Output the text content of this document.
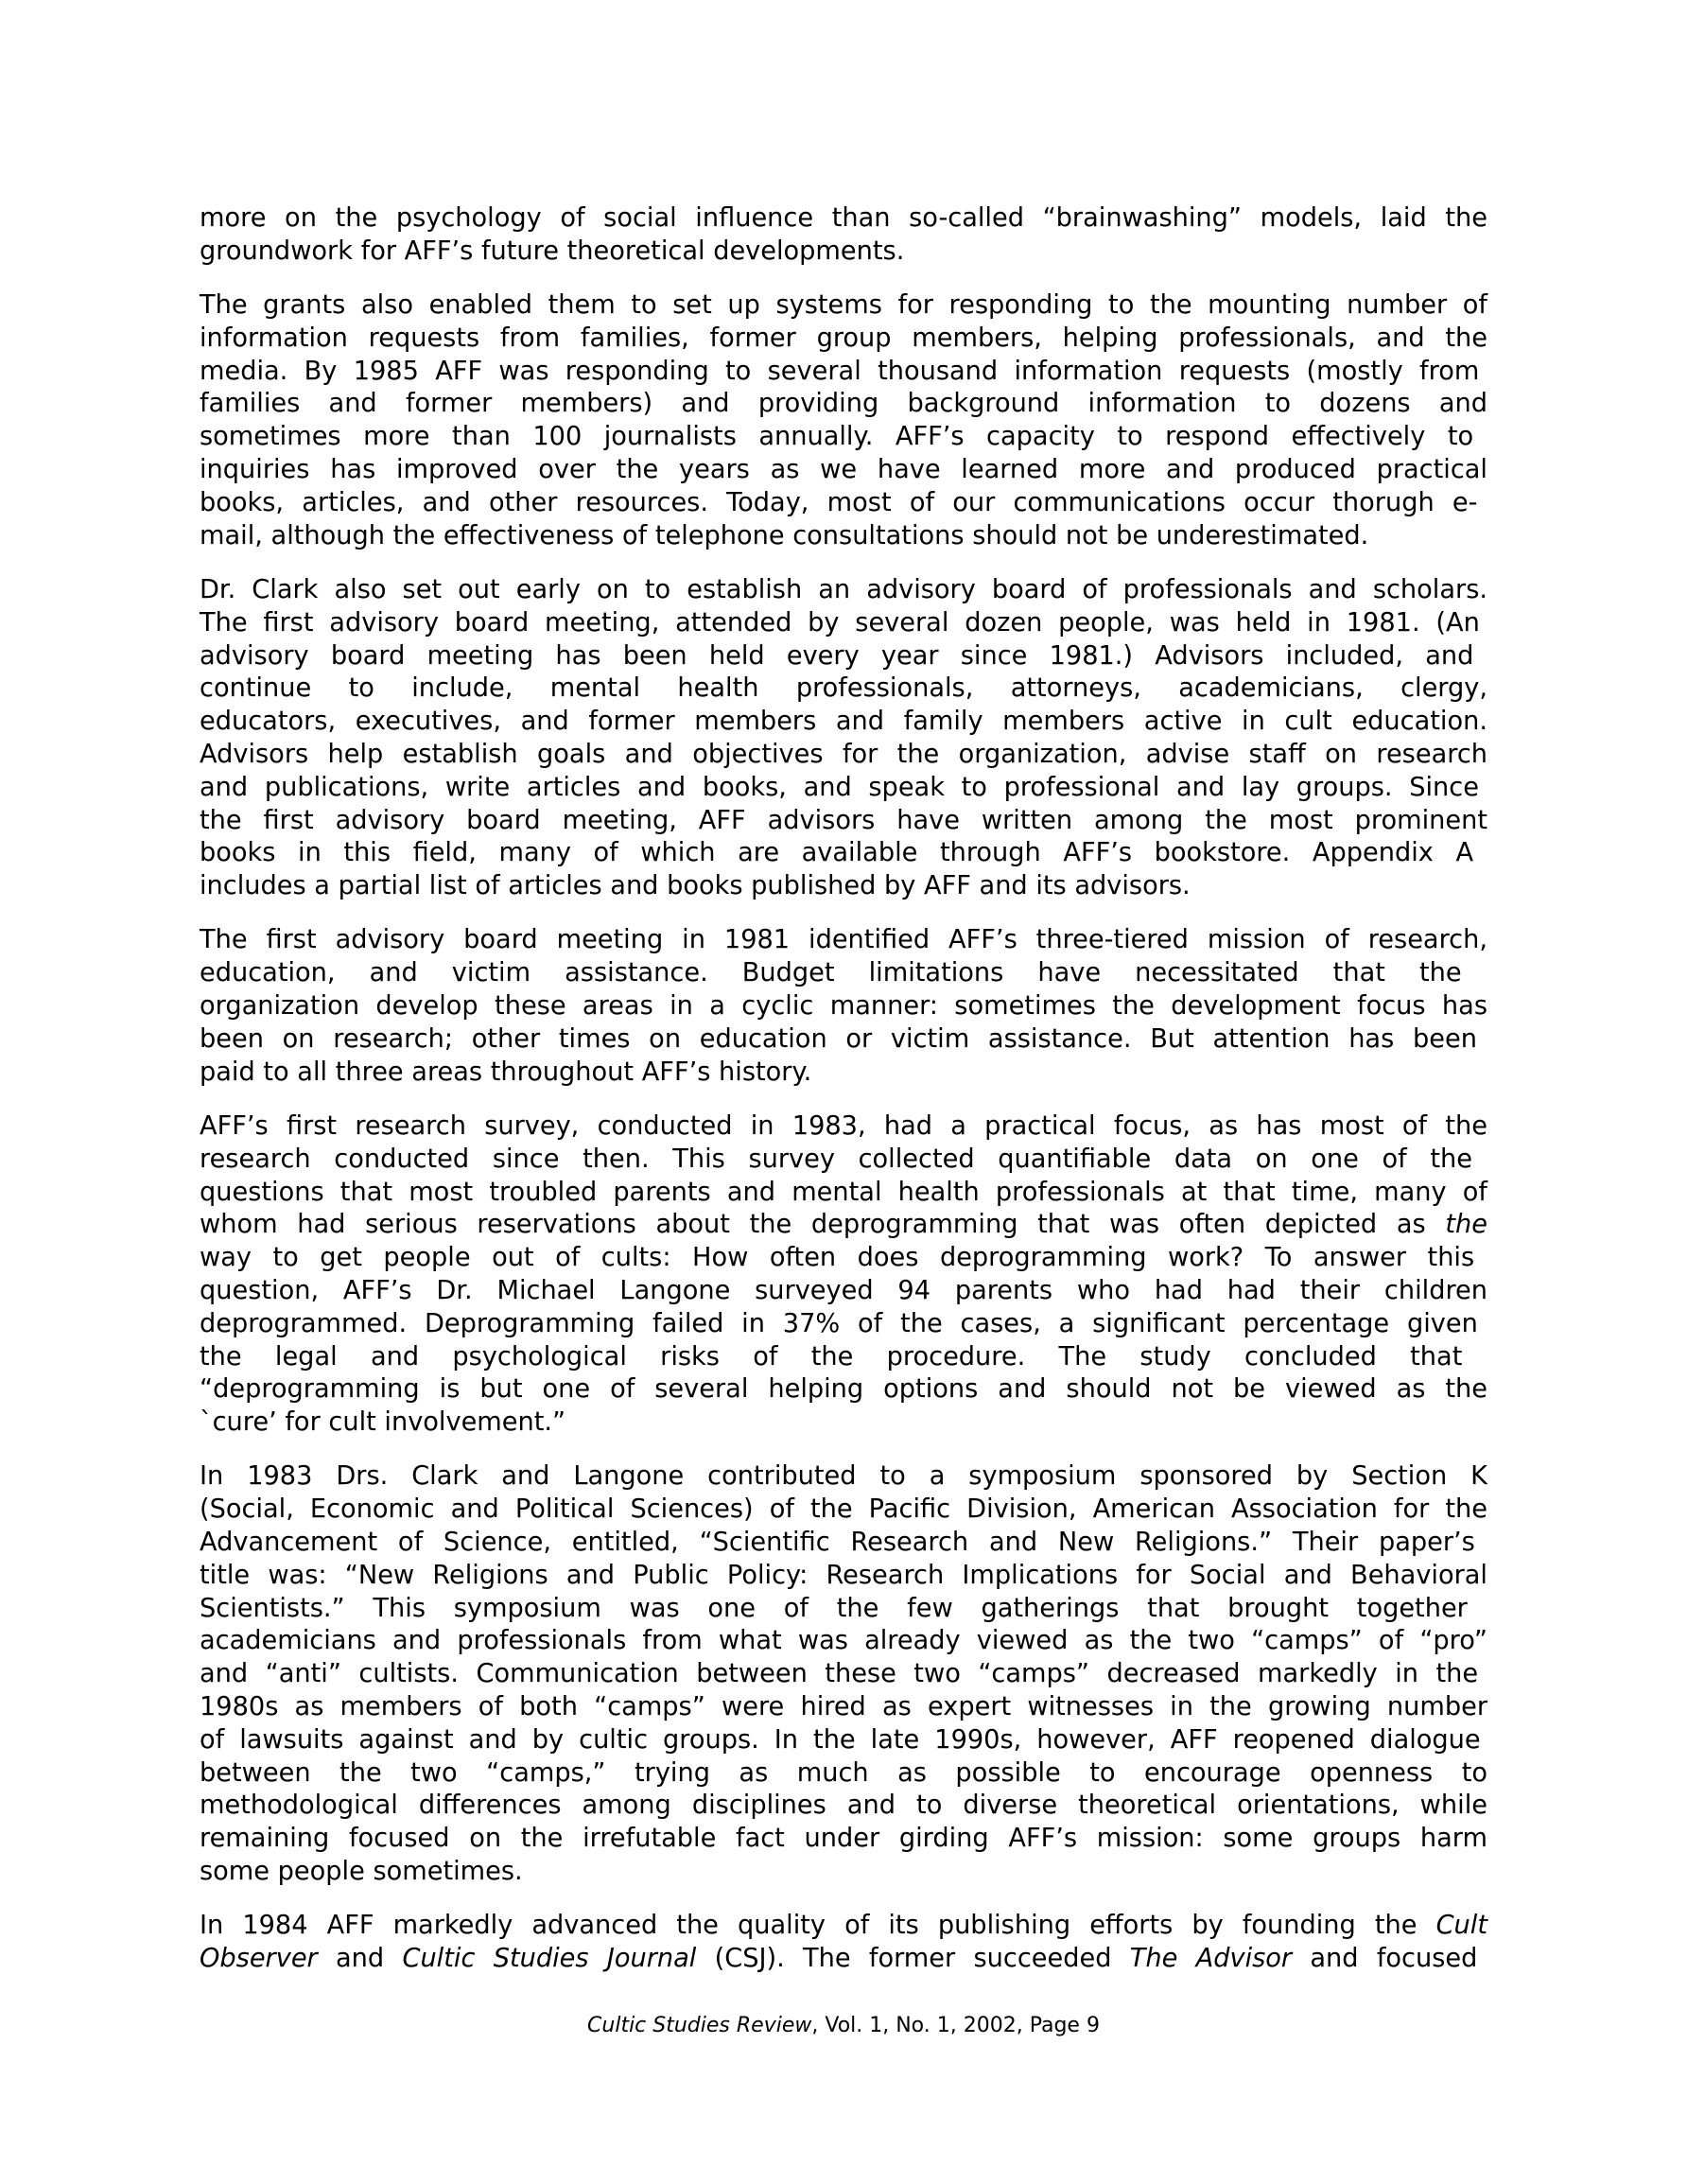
more on the psychology of social influence than so-called “brainwashing” models, laid the
groundwork for AFF’s future theoretical developments.
The grants also enabled them to set up systems for responding to the mounting number of
information requests from families, former group members, helping professionals, and the
media. By 1985 AFF was responding to several thousand information requests (mostly from
families and former members) and providing background information to dozens and
sometimes more than 100 journalists annually. AFF’s capacity to respond effectively to
inquiries has improved over the years as we have learned more and produced practical
books, articles, and other resources. Today, most of our communications occur thorugh e-
mail, although the effectiveness of telephone consultations should not be underestimated.
Dr. Clark also set out early on to establish an advisory board of professionals and scholars.
The first advisory board meeting, attended by several dozen people, was held in 1981. (An
advisory board meeting has been held every year since 1981.) Advisors included, and
continue to include, mental health professionals, attorneys, academicians, clergy,
educators, executives, and former members and family members active in cult education.
Advisors help establish goals and objectives for the organization, advise staff on research
and publications, write articles and books, and speak to professional and lay groups. Since
the first advisory board meeting, AFF advisors have written among the most prominent
books in this field, many of which are available through AFF’s bookstore. Appendix A
includes a partial list of articles and books published by AFF and its advisors.
The first advisory board meeting in 1981 identified AFF’s three-tiered mission of research,
education, and victim assistance. Budget limitations have necessitated that the
organization develop these areas in a cyclic manner: sometimes the development focus has
been on research; other times on education or victim assistance. But attention has been
paid to all three areas throughout AFF’s history.
AFF’s first research survey, conducted in 1983, had a practical focus, as has most of the
research conducted since then. This survey collected quantifiable data on one of the
questions that most troubled parents and mental health professionals at that time, many of
whom had serious reservations about the deprogramming that was often depicted as the
way to get people out of cults: How often does deprogramming work? To answer this
question, AFF’s Dr. Michael Langone surveyed 94 parents who had had their children
deprogrammed. Deprogramming failed in 37% of the cases, a significant percentage given
the legal and psychological risks of the procedure. The study concluded that
“deprogramming is but one of several helping options and should not be viewed as the
`cure’ for cult involvement.”
In 1983 Drs. Clark and Langone contributed to a symposium sponsored by Section K
(Social, Economic and Political Sciences) of the Pacific Division, American Association for the
Advancement of Science, entitled, “Scientific Research and New Religions.” Their paper’s
title was: “New Religions and Public Policy: Research Implications for Social and Behavioral
Scientists.” This symposium was one of the few gatherings that brought together
academicians and professionals from what was already viewed as the two “camps” of “pro”
and “anti” cultists. Communication between these two “camps” decreased markedly in the
1980s as members of both “camps” were hired as expert witnesses in the growing number
of lawsuits against and by cultic groups. In the late 1990s, however, AFF reopened dialogue
between the two “camps,” trying as much as possible to encourage openness to
methodological differences among disciplines and to diverse theoretical orientations, while
remaining focused on the irrefutable fact under girding AFF’s mission: some groups harm
some people sometimes.
In 1984 AFF markedly advanced the quality of its publishing efforts by founding the Cult
Observer and Cultic Studies Journal (CSJ). The former succeeded The Advisor and focused
Cultic Studies Review, Vol. 1, No. 1, 2002, Page 9
